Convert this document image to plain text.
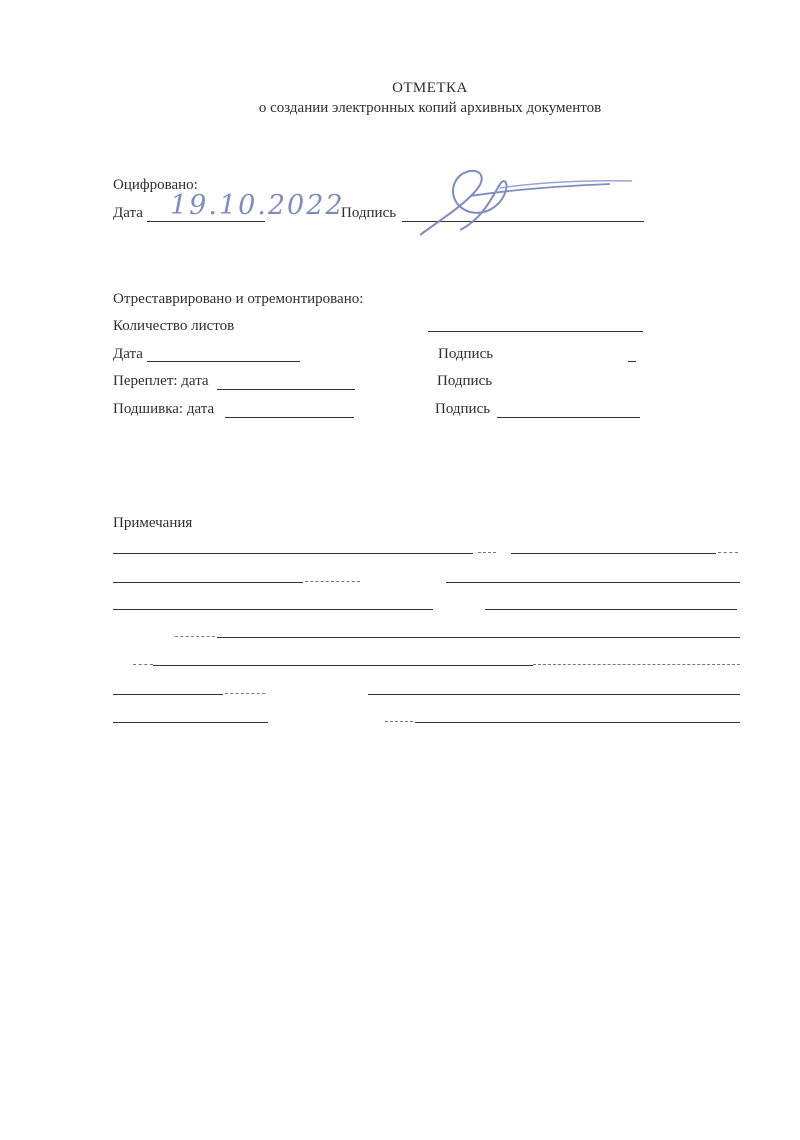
ОТМЕТКА
о создании электронных копий архивных документов
Оцифровано:
Дата 19.10.2022
Подпись
Отреставрировано и отремонтировано:
Количество листов
Дата	Подпись
Переплет: дата	Подпись
Подшивка: дата	Подпись
Примечания
